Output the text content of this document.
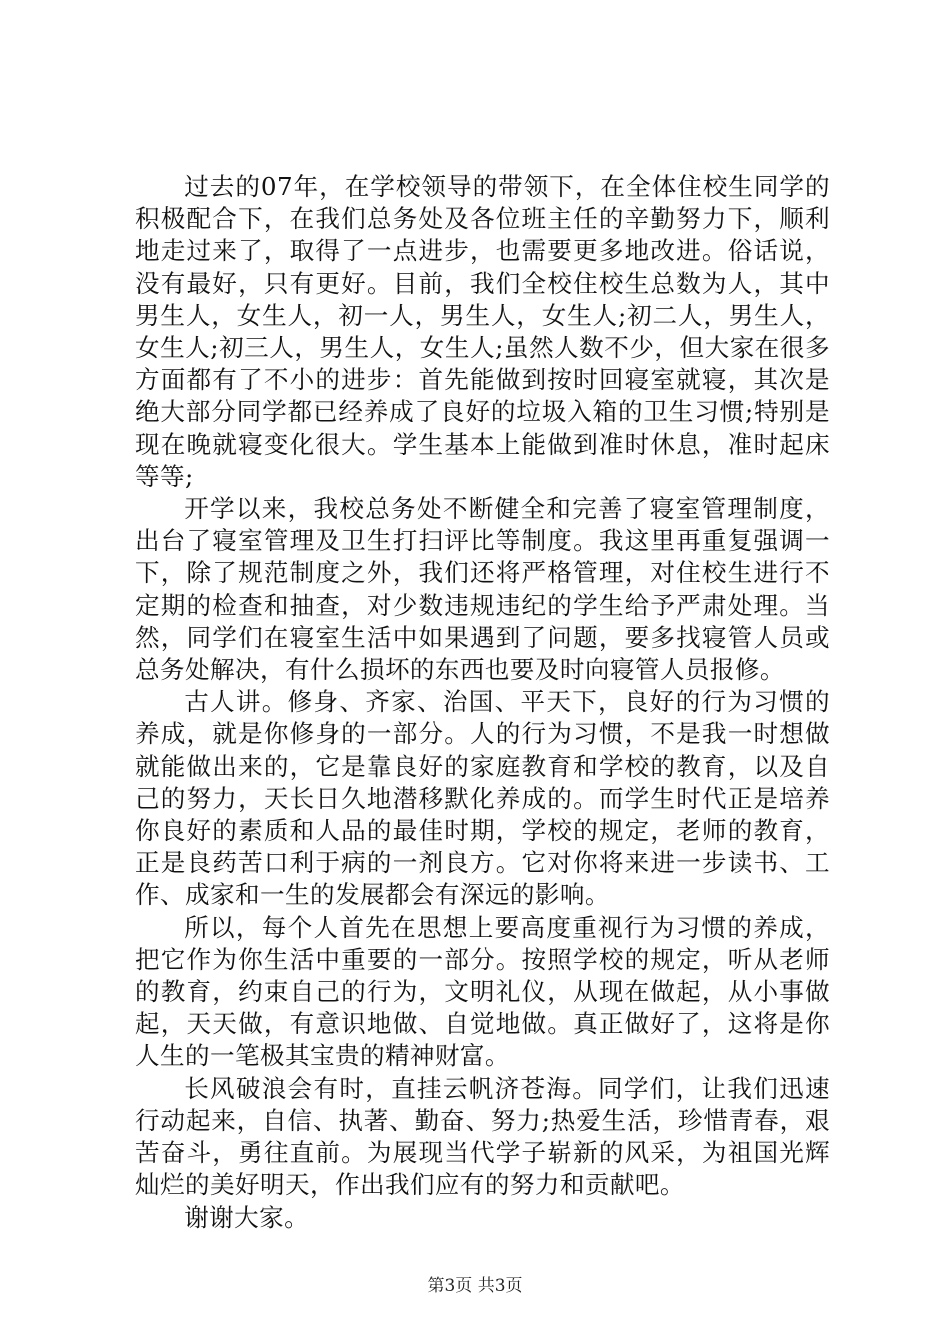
过去的07年，在学校领导的带领下，在全体住校生同学的积极配合下，在我们总务处及各位班主任的辛勤努力下，顺利地走过来了，取得了一点进步，也需要更多地改进。俗话说，没有最好，只有更好。目前，我们全校住校生总数为人，其中男生人，女生人，初一人，男生人，女生人;初二人，男生人，女生人;初三人，男生人，女生人;虽然人数不少，但大家在很多方面都有了不小的进步：首先能做到按时回寝室就寝，其次是绝大部分同学都已经养成了良好的垃圾入箱的卫生习惯;特别是现在晚就寝变化很大。学生基本上能做到准时休息，准时起床等等;

开学以来，我校总务处不断健全和完善了寝室管理制度，出台了寝室管理及卫生打扫评比等制度。我这里再重复强调一下，除了规范制度之外，我们还将严格管理，对住校生进行不定期的检查和抽查，对少数违规违纪的学生给予严肃处理。当然，同学们在寝室生活中如果遇到了问题，要多找寝管人员或总务处解决，有什么损坏的东西也要及时向寝管人员报修。

古人讲。修身、齐家、治国、平天下，良好的行为习惯的养成，就是你修身的一部分。人的行为习惯，不是我一时想做就能做出来的，它是靠良好的家庭教育和学校的教育，以及自己的努力，天长日久地潜移默化养成的。而学生时代正是培养你良好的素质和人品的最佳时期，学校的规定，老师的教育，正是良药苦口利于病的一剂良方。它对你将来进一步读书、工作、成家和一生的发展都会有深远的影响。

所以，每个人首先在思想上要高度重视行为习惯的养成，把它作为你生活中重要的一部分。按照学校的规定，听从老师的教育，约束自己的行为，文明礼仪，从现在做起，从小事做起，天天做，有意识地做、自觉地做。真正做好了，这将是你人生的一笔极其宝贵的精神财富。

长风破浪会有时，直挂云帆济苍海。同学们，让我们迅速行动起来，自信、执著、勤奋、努力;热爱生活，珍惜青春，艰苦奋斗，勇往直前。为展现当代学子崭新的风采，为祖国光辉灿烂的美好明天，作出我们应有的努力和贡献吧。

谢谢大家。

第3页 共3页
